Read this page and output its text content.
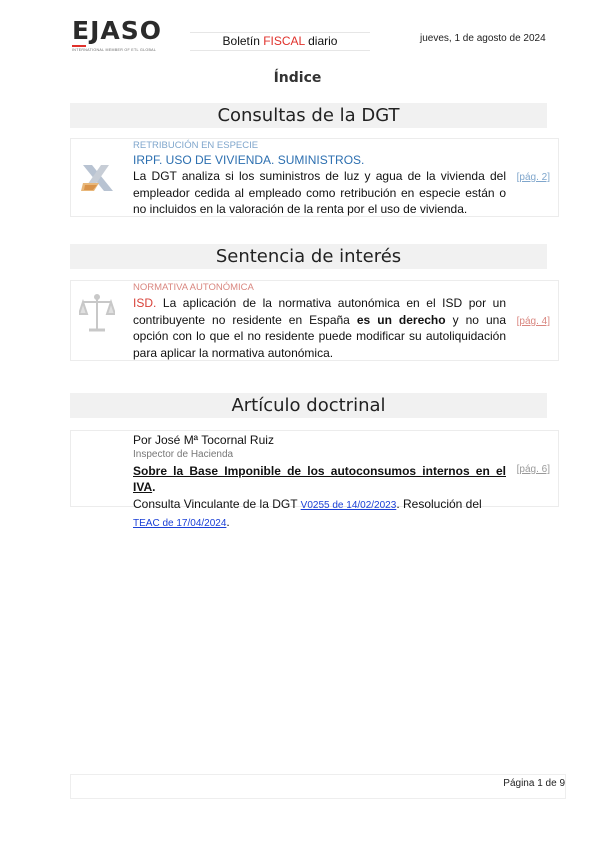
EJASO
INTERNATIONAL MEMBER OF ETL GLOBAL
Boletín FISCAL diario	jueves, 1 de agosto de 2024
Índice
Consultas de la DGT
RETRIBUCIÓN EN ESPECIE
IRPF. USO DE VIVIENDA. SUMINISTROS.
La DGT analiza si los suministros de luz y agua de la vivienda del empleador cedida al empleado como retribución en especie están o no incluidos en la valoración de la renta por el uso de vivienda.
[pág. 2]
Sentencia de interés
NORMATIVA AUTONÓMICA
ISD. La aplicación de la normativa autonómica en el ISD por un contribuyente no residente en España es un derecho y no una opción con lo que el no residente puede modificar su autoliquidación para aplicar la normativa autonómica.
[pág. 4]
Artículo doctrinal
Por José Mª Tocornal Ruiz
Inspector de Hacienda
Sobre la Base Imponible de los autoconsumos internos en el IVA.
Consulta Vinculante de la DGT V0255 de 14/02/2023. Resolución del TEAC de 17/04/2024.
[pág. 6]
Página 1 de 9
